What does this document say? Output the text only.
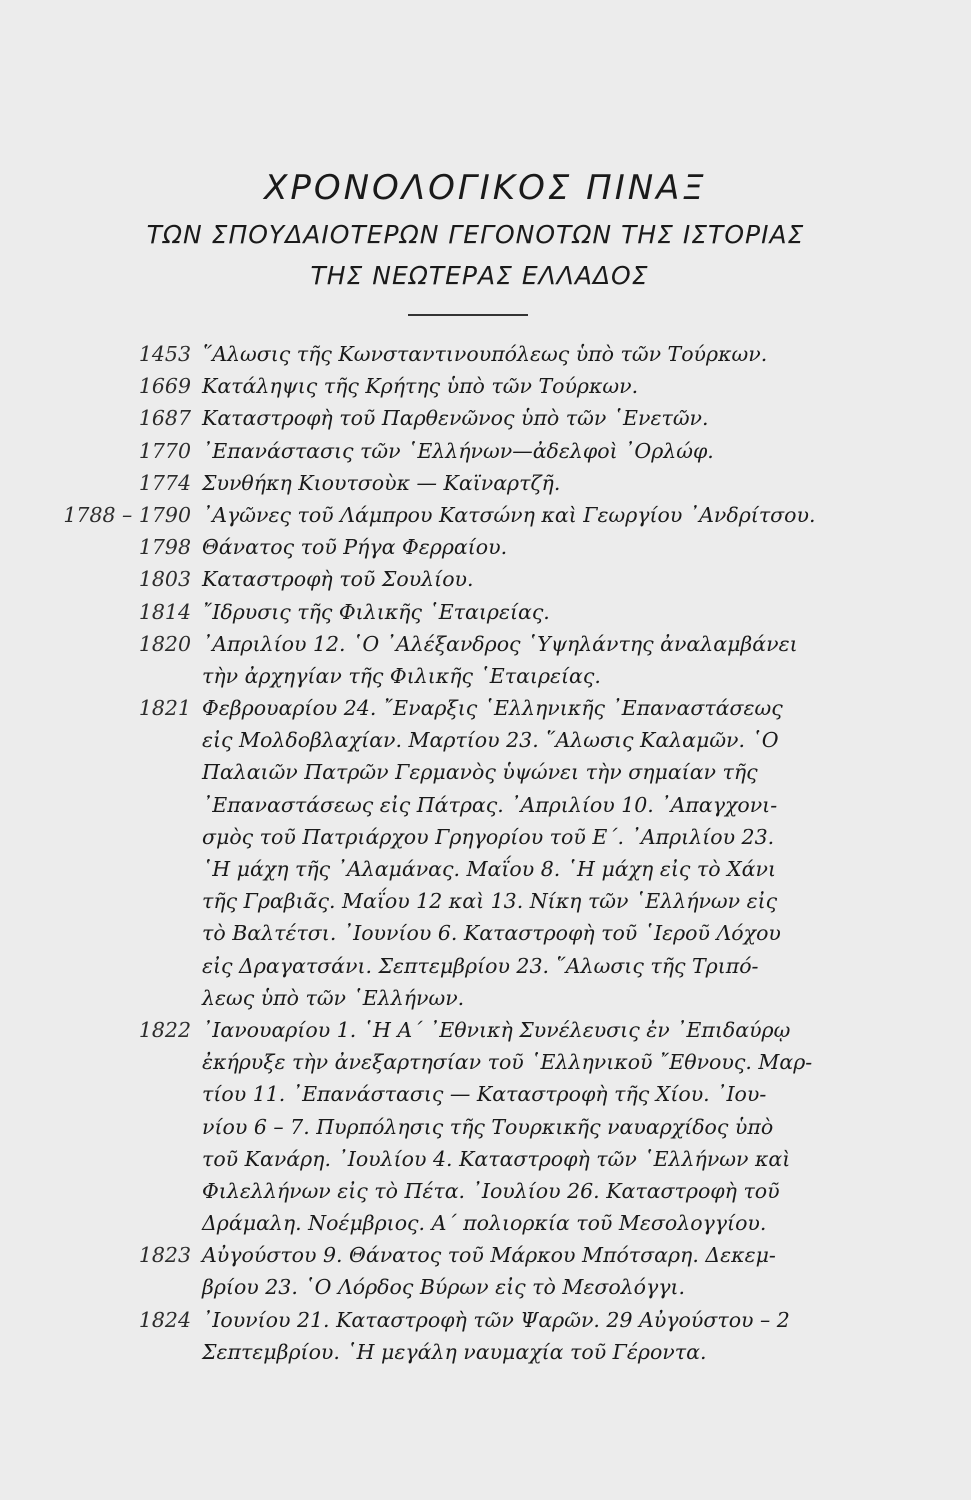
ΧΡΟΝΟΛΟΓΙΚΟΣ ΠΙΝΑΞ
ΤΩΝ ΣΠΟΥΔΑΙΟΤΕΡΩΝ ΓΕΓΟΝΟΤΩΝ ΤΗΣ ΙΣΤΟΡΙΑΣ
ΤΗΣ ΝΕΩΤΕΡΑΣ ΕΛΛΑΔΟΣ
1453 ῞Αλωσις τῆς Κωνσταντινουπόλεως ὑπὸ τῶν Τούρκων.
1669 Κατάληψις τῆς Κρήτης ὑπὸ τῶν Τούρκων.
1687 Καταστροφὴ τοῦ Παρθενῶνος ὑπὸ τῶν ῾Ενετῶν.
1770 ᾿Επανάστασις τῶν ῾Ελλήνων—ἀδελφοὶ ᾿Ορλώφ.
1774 Συνθήκη Κιουτσοὺκ — Καϊναρτζῆ.
1788 – 1790 ᾿Αγῶνες τοῦ Λάμπρου Κατσώνη καὶ Γεωργίου ᾿Ανδρίτσου.
1798 Θάνατος τοῦ Ρήγα Φερραίου.
1803 Καταστροφὴ τοῦ Σουλίου.
1814 ῎Ιδρυσις τῆς Φιλικῆς ῾Εταιρείας.
1820 ᾿Απριλίου 12. ῾Ο ᾿Αλέξανδρος ῾Υψηλάντης ἀναλαμβάνει
τὴν ἀρχηγίαν τῆς Φιλικῆς ῾Εταιρείας.
1821 Φεβρουαρίου 24. ῎Εναρξις ῾Ελληνικῆς ᾿Επαναστάσεως
εἰς Μολδοβλαχίαν. Μαρτίου 23. ῞Αλωσις Καλαμῶν. ῾Ο
Παλαιῶν Πατρῶν Γερμανὸς ὑψώνει τὴν σημαίαν τῆς
᾿Επαναστάσεως εἰς Πάτρας. ᾿Απριλίου 10. ᾿Απαγχονι-
σμὸς τοῦ Πατριάρχου Γρηγορίου τοῦ Ε΄. ᾿Απριλίου 23.
῾Η μάχη τῆς ᾿Αλαμάνας. Μαΐου 8. ῾Η μάχη εἰς τὸ Χάνι
τῆς Γραβιᾶς. Μαΐου 12 καὶ 13. Νίκη τῶν ῾Ελλήνων εἰς
τὸ Βαλτέτσι. ᾿Ιουνίου 6. Καταστροφὴ τοῦ ῾Ιεροῦ Λόχου
εἰς Δραγατσάνι. Σεπτεμβρίου 23. ῞Αλωσις τῆς Τριπό-
λεως ὑπὸ τῶν ῾Ελλήνων.
1822 ᾿Ιανουαρίου 1. ῾Η Α΄ ᾿Εθνικὴ Συνέλευσις ἐν ᾿Επιδαύρῳ
ἐκήρυξε τὴν ἀνεξαρτησίαν τοῦ ῾Ελληνικοῦ ῎Εθνους. Μαρ-
τίου 11. ᾿Επανάστασις — Καταστροφὴ τῆς Χίου. ᾿Ιου-
νίου 6 – 7. Πυρπόλησις τῆς Τουρκικῆς ναυαρχίδος ὑπὸ
τοῦ Κανάρη. ᾿Ιουλίου 4. Καταστροφὴ τῶν ῾Ελλήνων καὶ
Φιλελλήνων εἰς τὸ Πέτα. ᾿Ιουλίου 26. Καταστροφὴ τοῦ
Δράμαλη. Νοέμβριος. Α΄ πολιορκία τοῦ Μεσολογγίου.
1823 Αὐγούστου 9. Θάνατος τοῦ Μάρκου Μπότσαρη. Δεκεμ-
βρίου 23. ῾Ο Λόρδος Βύρων εἰς τὸ Μεσολόγγι.
1824 ᾿Ιουνίου 21. Καταστροφὴ τῶν Ψαρῶν. 29 Αὐγούστου – 2
Σεπτεμβρίου. ῾Η μεγάλη ναυμαχία τοῦ Γέροντα.
